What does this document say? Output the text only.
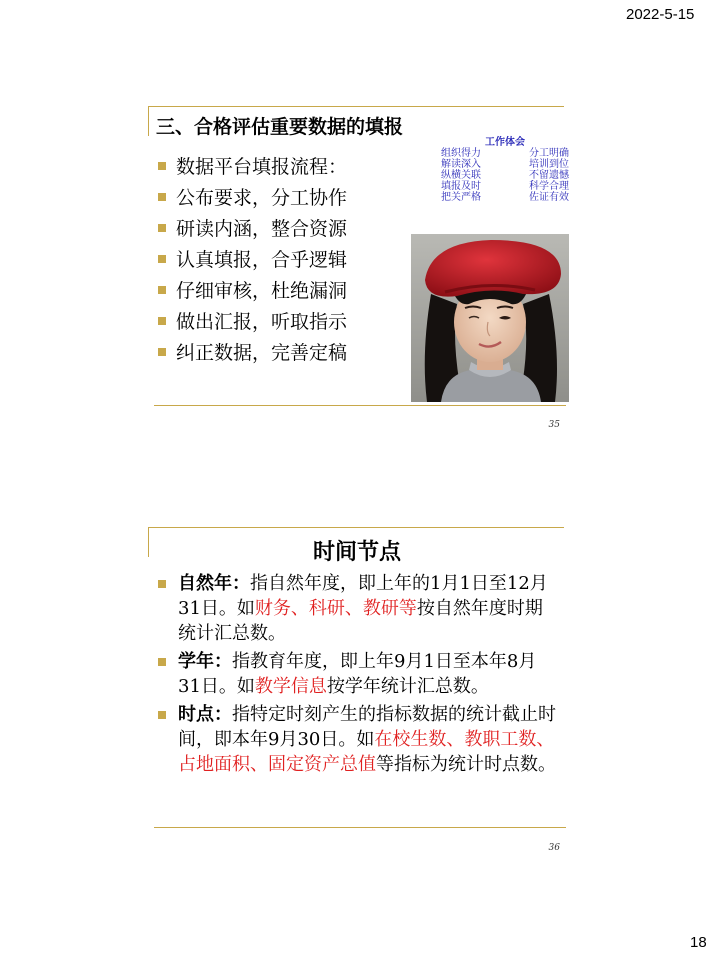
2022-5-15
三、合格评估重要数据的填报
数据平台填报流程：
公布要求，分工协作
研读内涵，整合资源
认真填报，合乎逻辑
仔细审核，杜绝漏洞
做出汇报，听取指示
纠正数据，完善定稿
工作体会
组织得力	分工明确
解读深入	培训到位
纵横关联	不留遗憾
填报及时	科学合理
把关严格	佐证有效
35
时间节点
自然年：指自然年度，即上年的1月1日至12月31日。如财务、科研、教研等按自然年度时期统计汇总数。
学年：指教育年度，即上年9月1日至本年8月31日。如教学信息按学年统计汇总数。
时点：指特定时刻产生的指标数据的统计截止时间，即本年9月30日。如在校生数、教职工数、占地面积、固定资产总值等指标为统计时点数。
36
18
